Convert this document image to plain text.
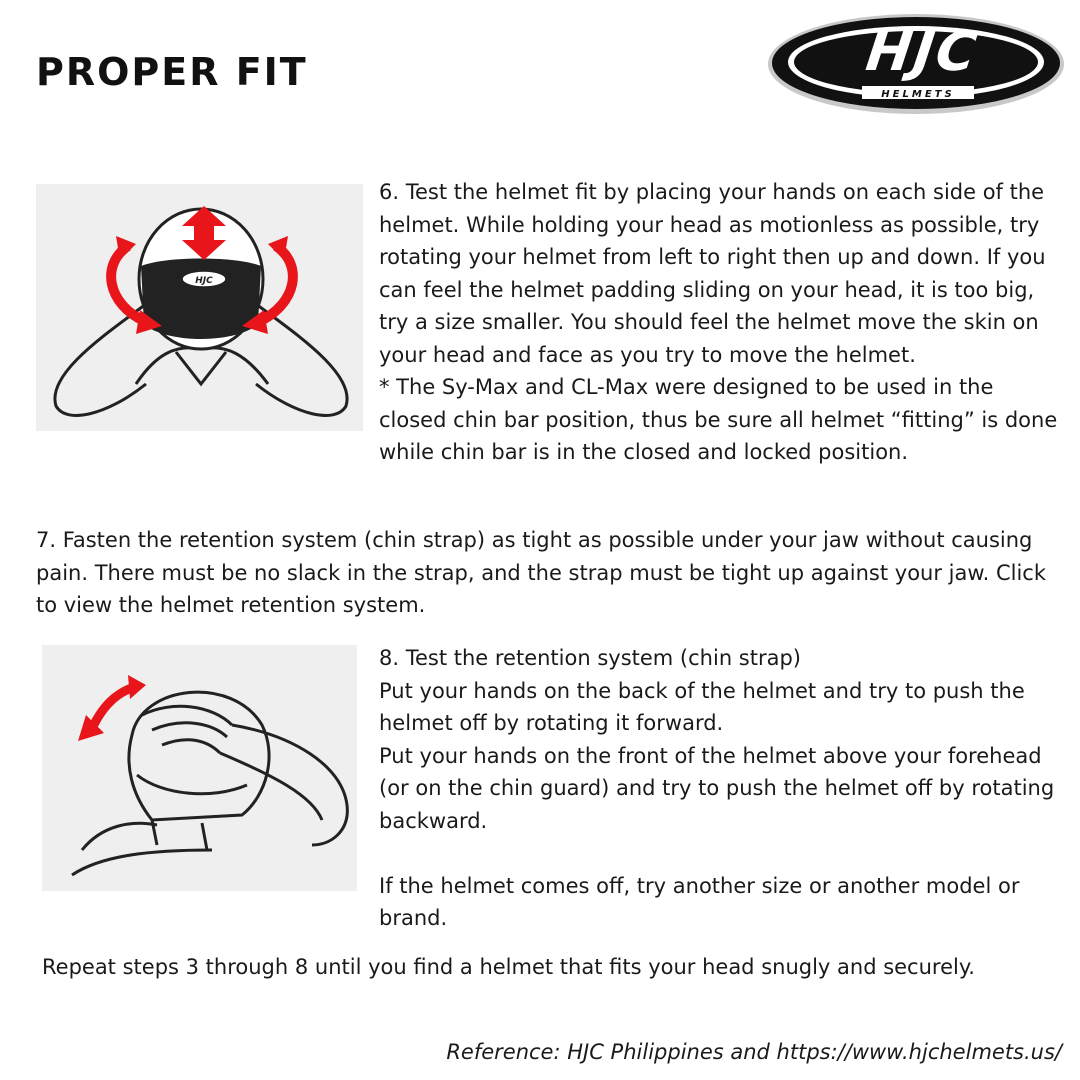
PROPER FIT	HJC
HELMETS
HJC

6. Test the helmet fit by placing your hands on each side of the helmet. While holding your head as motionless as possible, try rotating your helmet from left to right then up and down. If you can feel the helmet padding sliding on your head, it is too big, try a size smaller. You should feel the helmet move the skin on your head and face as you try to move the helmet.
* The Sy-Max and CL-Max were designed to be used in the closed chin bar position, thus be sure all helmet “fitting” is done while chin bar is in the closed and locked position.

7. Fasten the retention system (chin strap) as tight as possible under your jaw without causing pain. There must be no slack in the strap, and the strap must be tight up against your jaw. Click to view the helmet retention system.

8. Test the retention system (chin strap)
Put your hands on the back of the helmet and try to push the helmet off by rotating it forward.
Put your hands on the front of the helmet above your forehead (or on the chin guard) and try to push the helmet off by rotating backward.
If the helmet comes off, try another size or another model or brand.

Repeat steps 3 through 8 until you find a helmet that fits your head snugly and securely.

Reference: HJC Philippines and https://www.hjchelmets.us/
